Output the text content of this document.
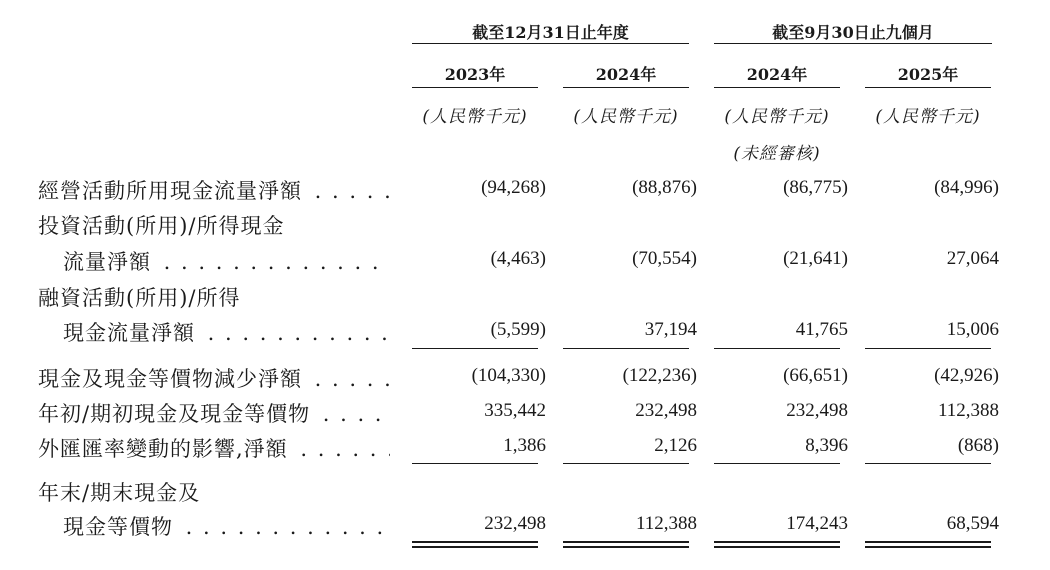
截至12月31日止年度	截至9月30日止九個月
2023年	2024年	2024年	2025年
(人民幣千元)	(人民幣千元)	(人民幣千元)	(人民幣千元)
(未經審核)
經營活動所用現金流量淨額 . . .	(94,268)	(88,876)	(86,775)	(84,996)
投資活動(所用)/所得現金
流量淨額 . . .	(4,463)	(70,554)	(21,641)	27,064
融資活動(所用)/所得
現金流量淨額 . . .	(5,599)	37,194	41,765	15,006
現金及現金等價物減少淨額 . . .	(104,330)	(122,236)	(66,651)	(42,926)
年初/期初現金及現金等價物 . . .	335,442	232,498	232,498	112,388
外匯匯率變動的影響,淨額 . . .	1,386	2,126	8,396	(868)
年末/期末現金及
現金等價物 . . .	232,498	112,388	174,243	68,594
